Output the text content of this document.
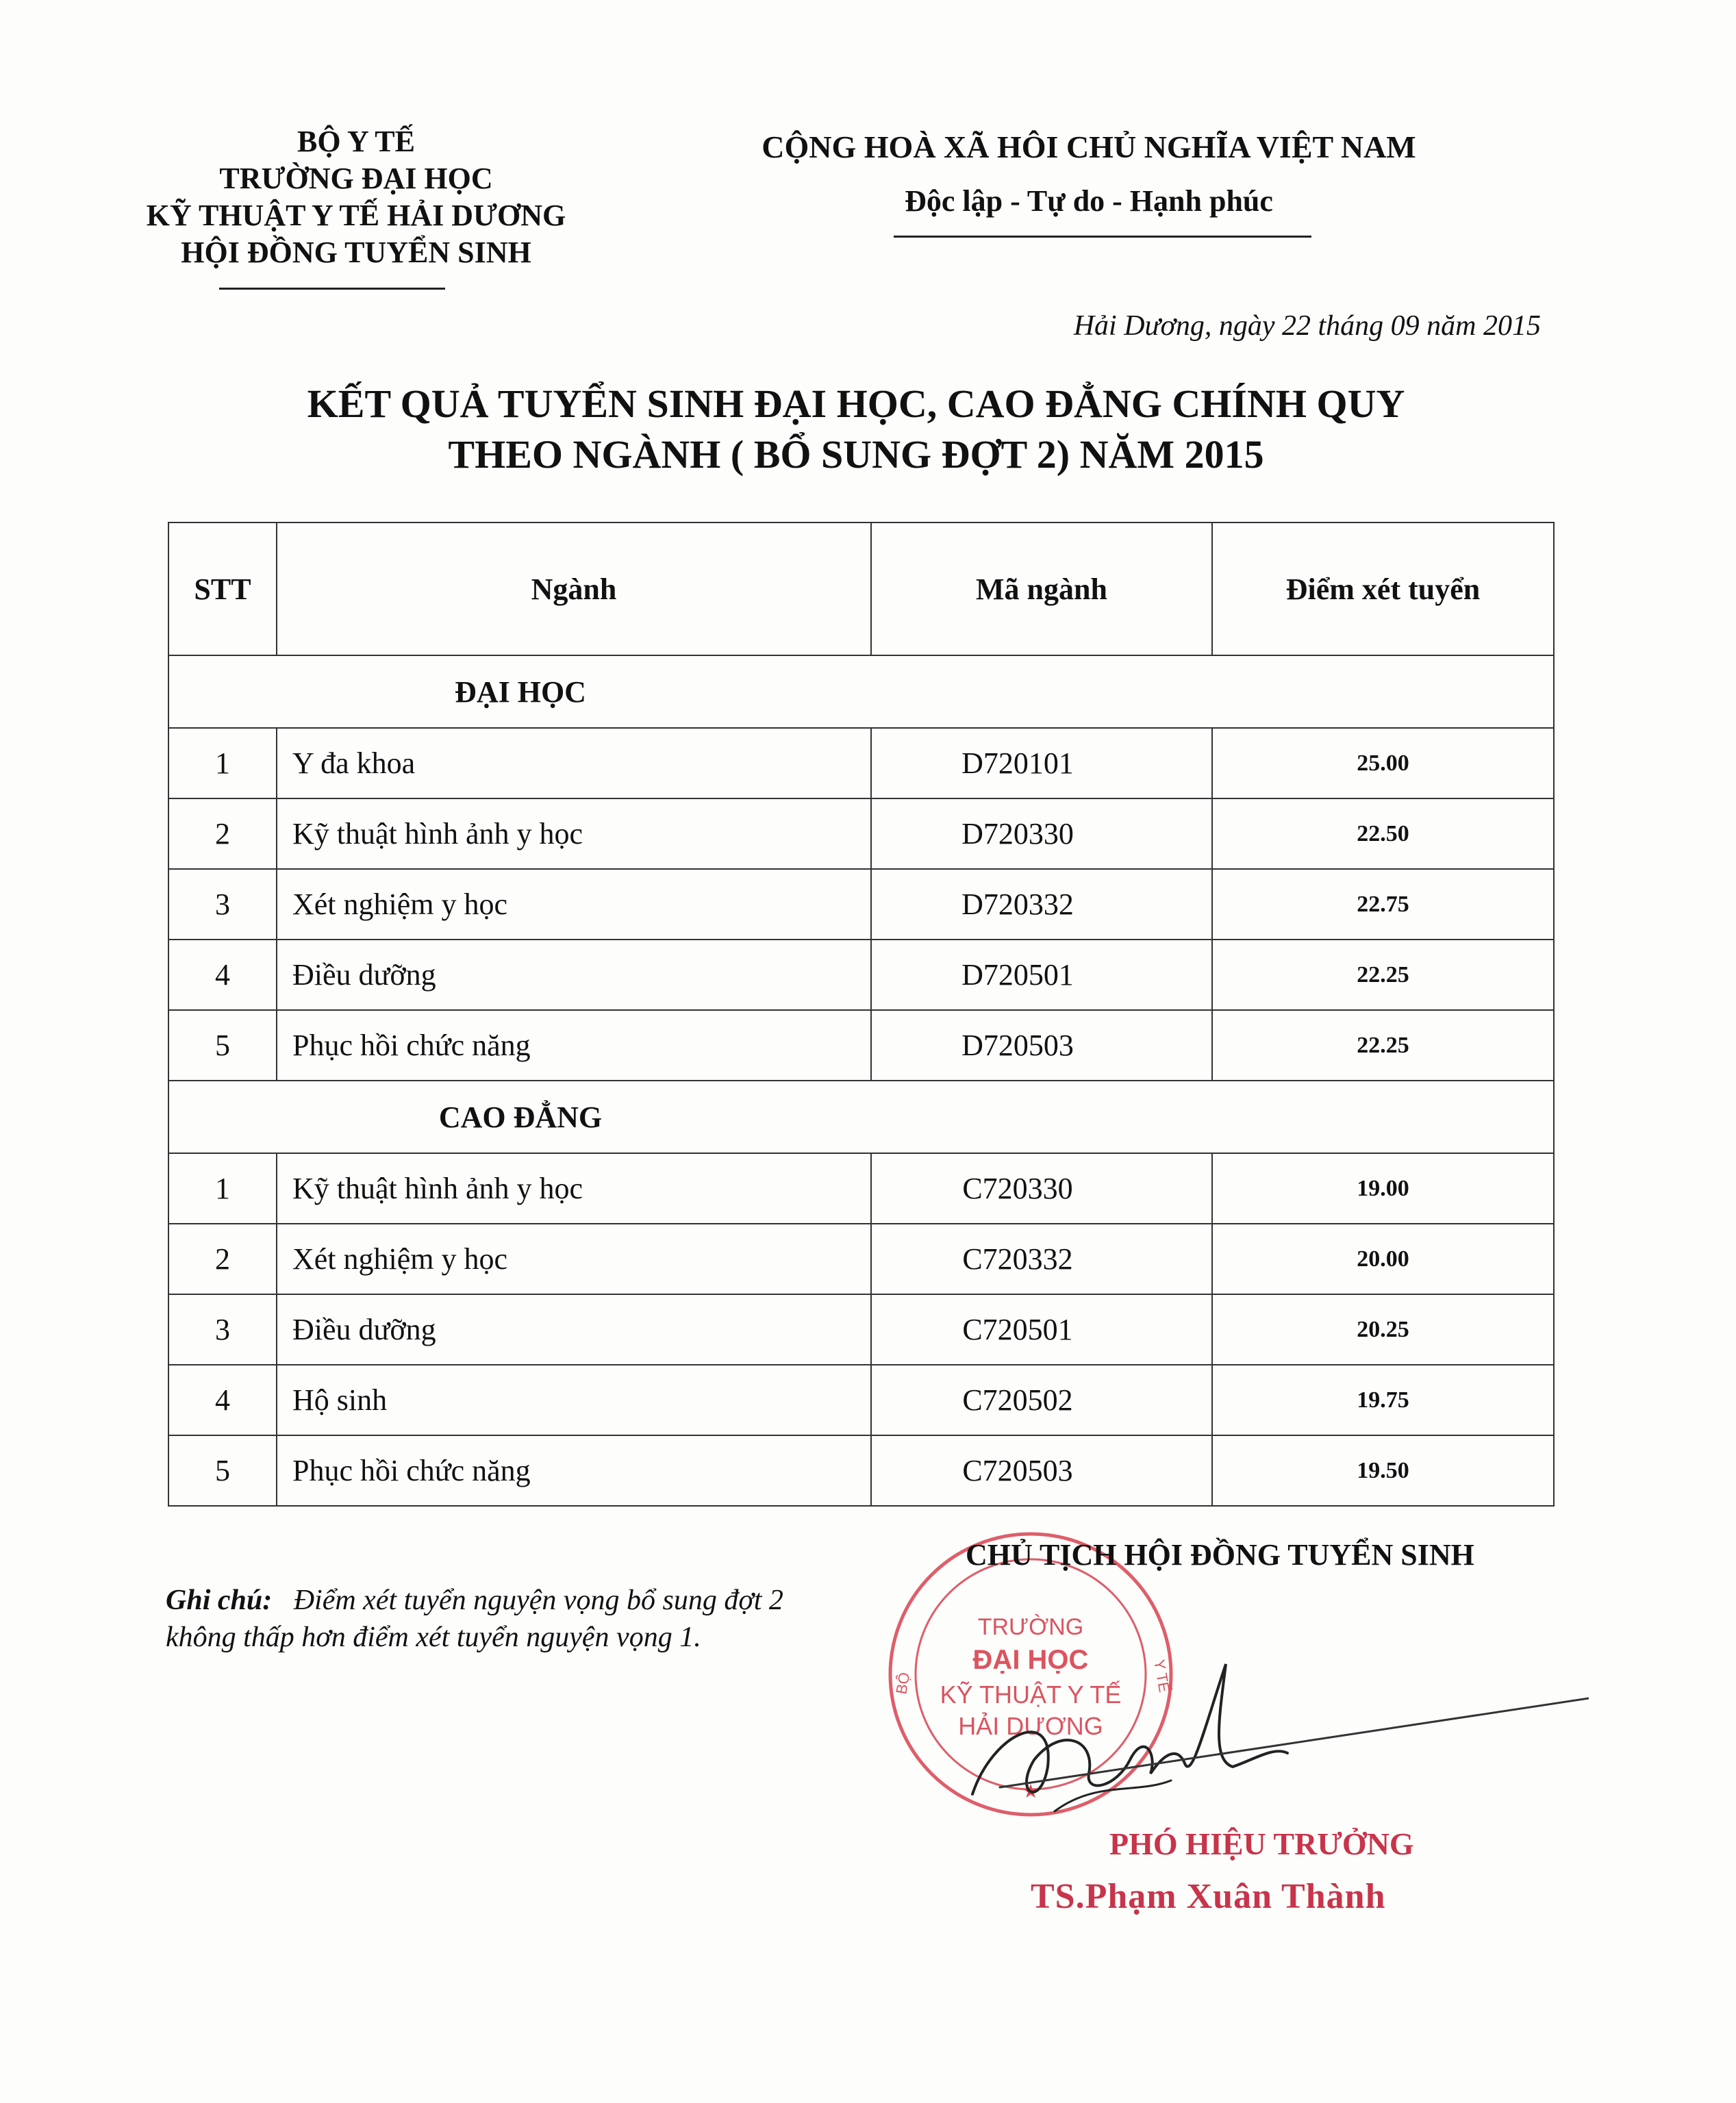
BỘ Y TẾ
TRƯỜNG ĐẠI HỌC
KỸ THUẬT Y TẾ HẢI DƯƠNG
HỘI ĐỒNG TUYỂN SINH
CỘNG HOÀ XÃ HÔI CHỦ NGHĨA VIỆT NAM
Độc lập - Tự do - Hạnh phúc
Hải Dương, ngày 22 tháng 09 năm 2015
KẾT QUẢ TUYỂN SINH ĐẠI HỌC, CAO ĐẲNG CHÍNH QUY
THEO NGÀNH ( BỔ SUNG ĐỢT 2) NĂM 2015
STT	Ngành	Mã ngành	Điểm xét tuyển
ĐẠI HỌC			
1	Y đa khoa	D720101	25.00
2	Kỹ thuật hình ảnh y học	D720330	22.50
3	Xét nghiệm y học	D720332	22.75
4	Điều dưỡng	D720501	22.25
5	Phục hồi chức năng	D720503	22.25
CAO ĐẲNG			
1	Kỹ thuật hình ảnh y học	C720330	19.00
2	Xét nghiệm y học	C720332	20.00
3	Điều dưỡng	C720501	20.25
4	Hộ sinh	C720502	19.75
5	Phục hồi chức năng	C720503	19.50
Ghi chú: Điểm xét tuyển nguyện vọng bổ sung đợt 2
không thấp hơn điểm xét tuyển nguyện vọng 1.	TRƯỜNG
ĐẠI HỌC
KỸ THUẬT Y TẾ
HẢI DƯƠNG
BỘ	Y TẾ
★
CHỦ TỊCH HỘI ĐỒNG TUYỂN SINH
PHÓ HIỆU TRƯỞNG
TS.Phạm Xuân Thành
